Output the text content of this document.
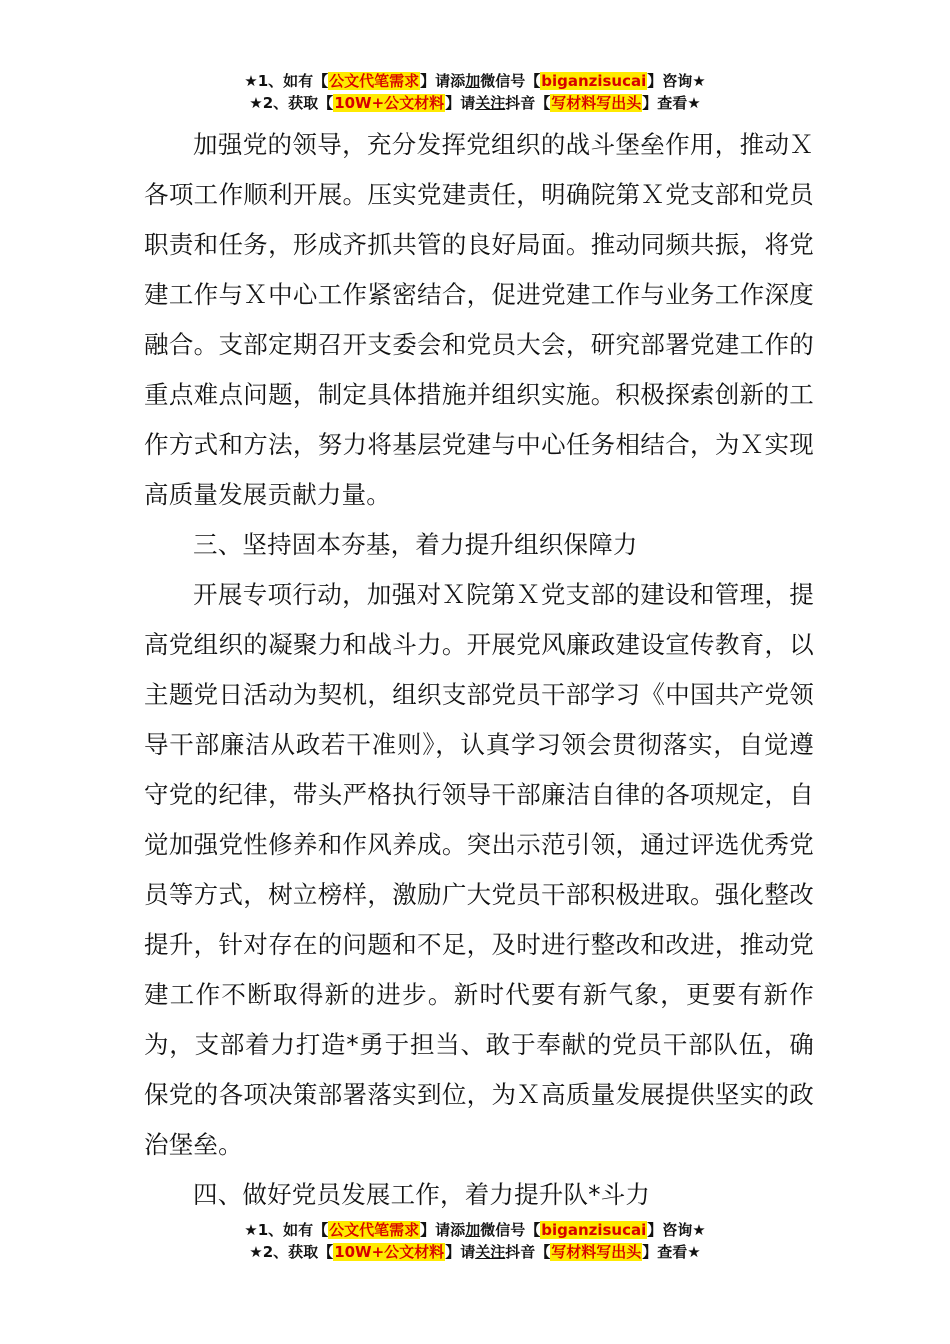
★1、如有【公文代笔需求】请添加微信号【biganzisucai】咨询★
★2、获取【10W+公文材料】请关注抖音【写材料写出头】查看★

加强党的领导，充分发挥党组织的战斗堡垒作用，推动Ｘ各项工作顺利开展。压实党建责任，明确院第Ｘ党支部和党员职责和任务，形成齐抓共管的良好局面。推动同频共振，将党建工作与Ｘ中心工作紧密结合，促进党建工作与业务工作深度融合。支部定期召开支委会和党员大会，研究部署党建工作的重点难点问题，制定具体措施并组织实施。积极探索创新的工作方式和方法，努力将基层党建与中心任务相结合，为Ｘ实现高质量发展贡献力量。

三、坚持固本夯基，着力提升组织保障力

开展专项行动，加强对Ｘ院第Ｘ党支部的建设和管理，提高党组织的凝聚力和战斗力。开展党风廉政建设宣传教育，以主题党日活动为契机，组织支部党员干部学习《中国共产党领导干部廉洁从政若干准则》，认真学习领会贯彻落实，自觉遵守党的纪律，带头严格执行领导干部廉洁自律的各项规定，自觉加强党性修养和作风养成。突出示范引领，通过评选优秀党员等方式，树立榜样，激励广大党员干部积极进取。强化整改提升，针对存在的问题和不足，及时进行整改和改进，推动党建工作不断取得新的进步。新时代要有新气象，更要有新作为，支部着力打造*勇于担当、敢于奉献的党员干部队伍，确保党的各项决策部署落实到位，为Ｘ高质量发展提供坚实的政治堡垒。

四、做好党员发展工作，着力提升队*斗力

★1、如有【公文代笔需求】请添加微信号【biganzisucai】咨询★
★2、获取【10W+公文材料】请关注抖音【写材料写出头】查看★
